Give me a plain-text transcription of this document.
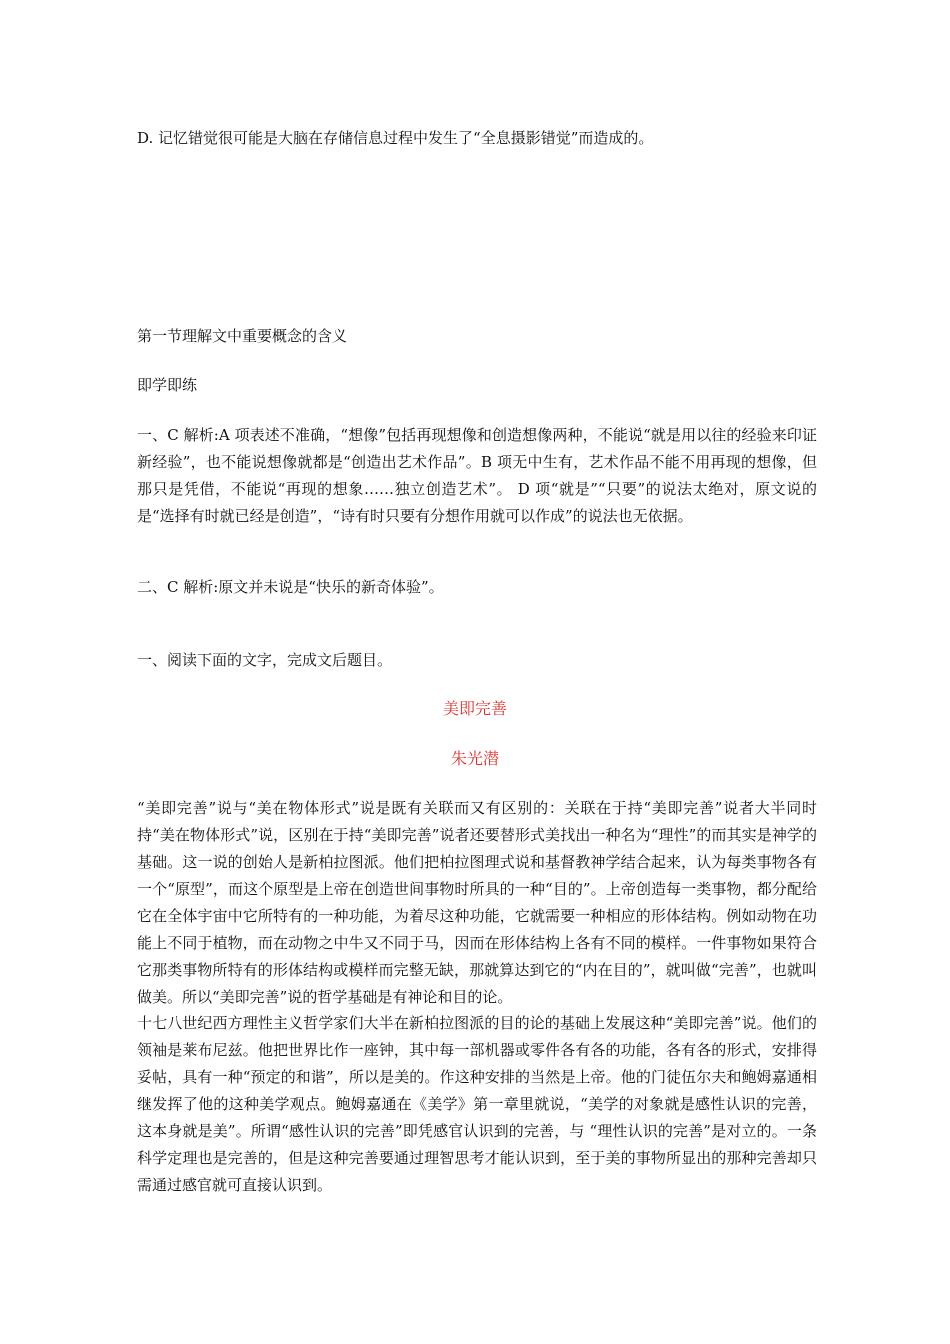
D. 记忆错觉很可能是大脑在存储信息过程中发生了“全息摄影错觉”而造成的。
第一节理解文中重要概念的含义
即学即练
一、C 解析:A 项表述不准确，“想像”包括再现想像和创造想像两种，不能说“就是用以往的经验来印证新经验”，也不能说想像就都是“创造出艺术作品”。B 项无中生有，艺术作品不能不用再现的想像，但那只是凭借，不能说“再现的想象……独立创造艺术”。 D 项“就是”“只要”的说法太绝对，原文说的是“选择有时就已经是创造”，“诗有时只要有分想作用就可以作成”的说法也无依据。
二、C 解析:原文并未说是“快乐的新奇体验”。
一、阅读下面的文字，完成文后题目。
美即完善
朱光潜
“美即完善”说与“美在物体形式”说是既有关联而又有区别的：关联在于持“美即完善”说者大半同时持“美在物体形式”说，区别在于持“美即完善”说者还要替形式美找出一种名为“理性”的而其实是神学的基础。这一说的创始人是新柏拉图派。他们把柏拉图理式说和基督教神学结合起来，认为每类事物各有一个“原型”，而这个原型是上帝在创造世间事物时所具的一种“目的”。上帝创造每一类事物，都分配给它在全体宇宙中它所特有的一种功能，为着尽这种功能，它就需要一种相应的形体结构。例如动物在功能上不同于植物，而在动物之中牛又不同于马，因而在形体结构上各有不同的模样。一件事物如果符合它那类事物所特有的形体结构或模样而完整无缺，那就算达到它的“内在目的”，就叫做“完善”，也就叫做美。所以“美即完善”说的哲学基础是有神论和目的论。
十七八世纪西方理性主义哲学家们大半在新柏拉图派的目的论的基础上发展这种“美即完善”说。他们的领袖是莱布尼兹。他把世界比作一座钟，其中每一部机器或零件各有各的功能，各有各的形式，安排得妥帖，具有一种“预定的和谐”，所以是美的。作这种安排的当然是上帝。他的门徒伍尔夫和鲍姆嘉通相继发挥了他的这种美学观点。鲍姆嘉通在《美学》第一章里就说，“美学的对象就是感性认识的完善，这本身就是美”。所谓“感性认识的完善”即凭感官认识到的完善，与 “理性认识的完善”是对立的。一条科学定理也是完善的，但是这种完善要通过理智思考才能认识到，至于美的事物所显出的那种完善却只需通过感官就可直接认识到。
